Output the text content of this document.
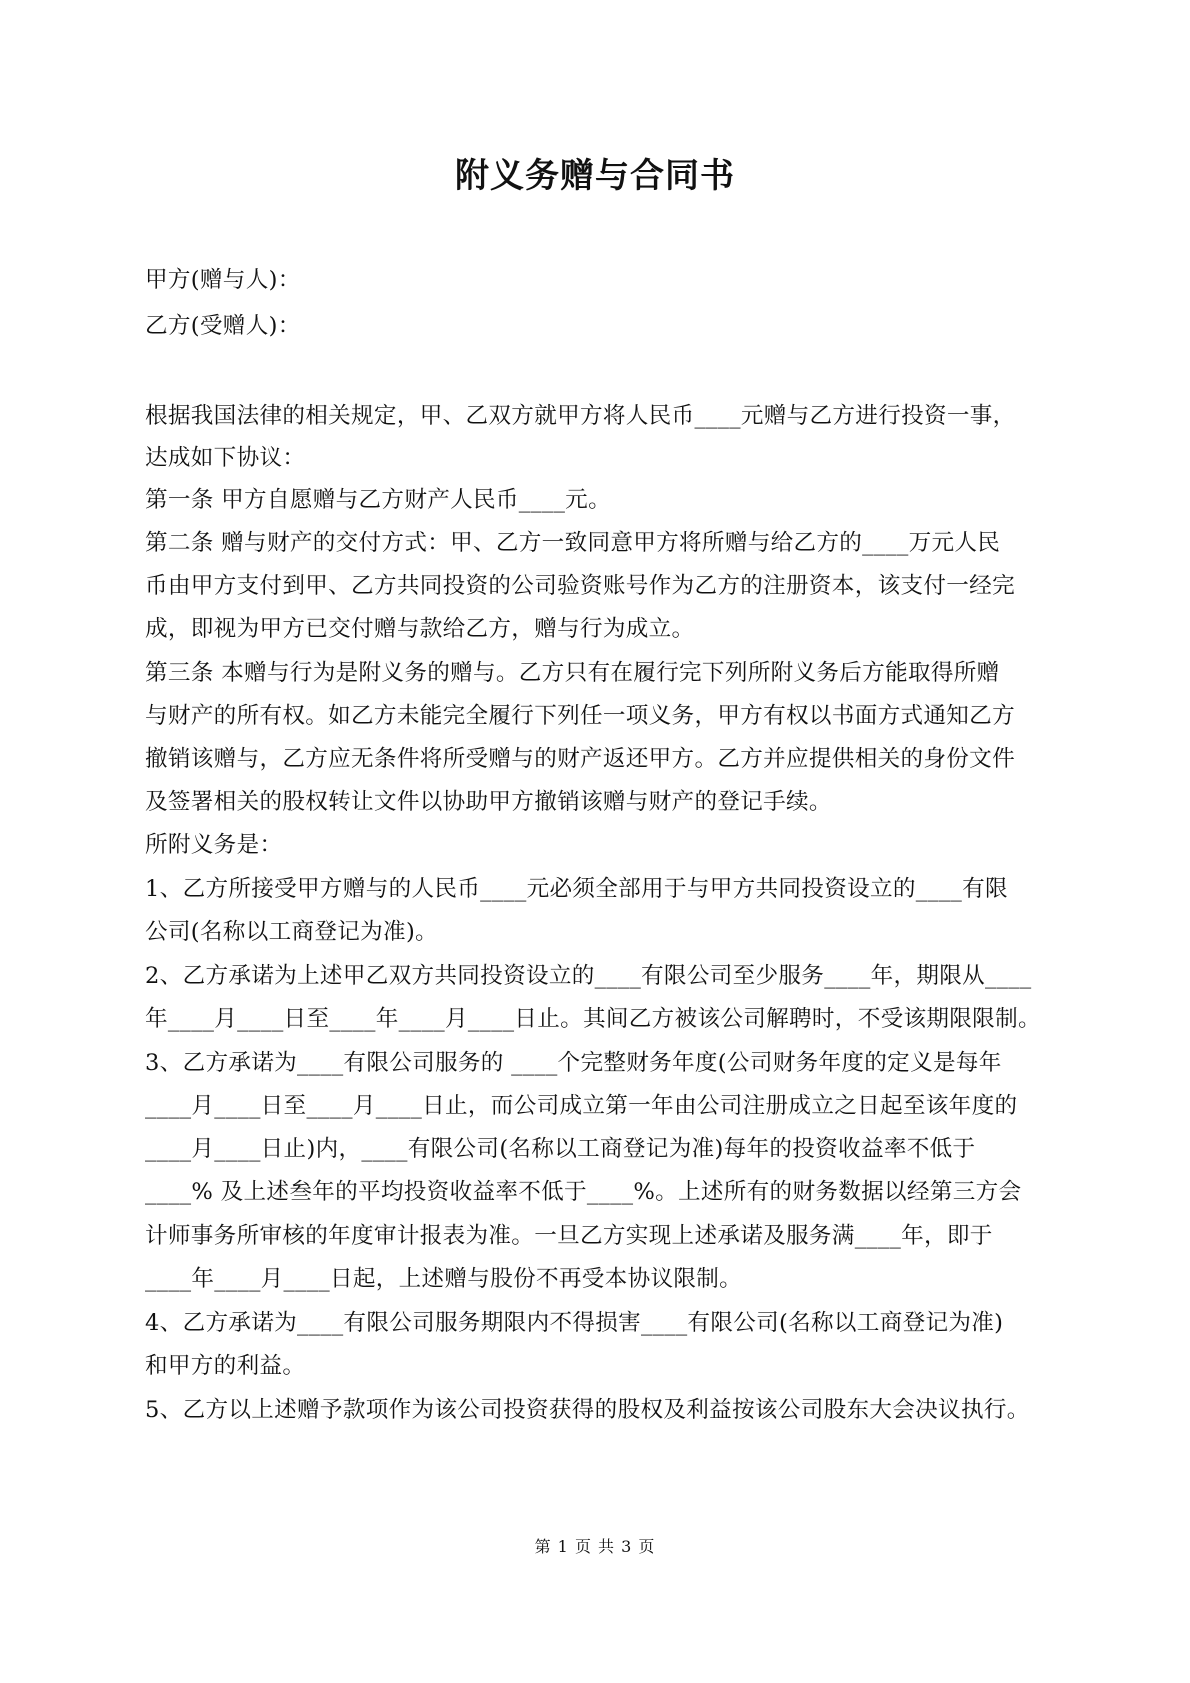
附义务赠与合同书
甲方(赠与人)：
乙方(受赠人)：
根据我国法律的相关规定，甲、乙双方就甲方将人民币____元赠与乙方进行投资一事，
达成如下协议：
第一条 甲方自愿赠与乙方财产人民币____元。
第二条 赠与财产的交付方式：甲、乙方一致同意甲方将所赠与给乙方的____万元人民
币由甲方支付到甲、乙方共同投资的公司验资账号作为乙方的注册资本，该支付一经完
成，即视为甲方已交付赠与款给乙方，赠与行为成立。
第三条 本赠与行为是附义务的赠与。乙方只有在履行完下列所附义务后方能取得所赠
与财产的所有权。如乙方未能完全履行下列任一项义务，甲方有权以书面方式通知乙方
撤销该赠与，乙方应无条件将所受赠与的财产返还甲方。乙方并应提供相关的身份文件
及签署相关的股权转让文件以协助甲方撤销该赠与财产的登记手续。
所附义务是：
1、乙方所接受甲方赠与的人民币____元必须全部用于与甲方共同投资设立的____有限
公司(名称以工商登记为准)。
2、乙方承诺为上述甲乙双方共同投资设立的____有限公司至少服务____年，期限从____
年____月____日至____年____月____日止。其间乙方被该公司解聘时，不受该期限限制。
3、乙方承诺为____有限公司服务的 ____个完整财务年度(公司财务年度的定义是每年
____月____日至____月____日止，而公司成立第一年由公司注册成立之日起至该年度的
____月____日止)内，____有限公司(名称以工商登记为准)每年的投资收益率不低于
____% 及上述叁年的平均投资收益率不低于____%。上述所有的财务数据以经第三方会
计师事务所审核的年度审计报表为准。一旦乙方实现上述承诺及服务满____年，即于
____年____月____日起，上述赠与股份不再受本协议限制。
4、乙方承诺为____有限公司服务期限内不得损害____有限公司(名称以工商登记为准)
和甲方的利益。
5、乙方以上述赠予款项作为该公司投资获得的股权及利益按该公司股东大会决议执行。
第 1 页 共 3 页
